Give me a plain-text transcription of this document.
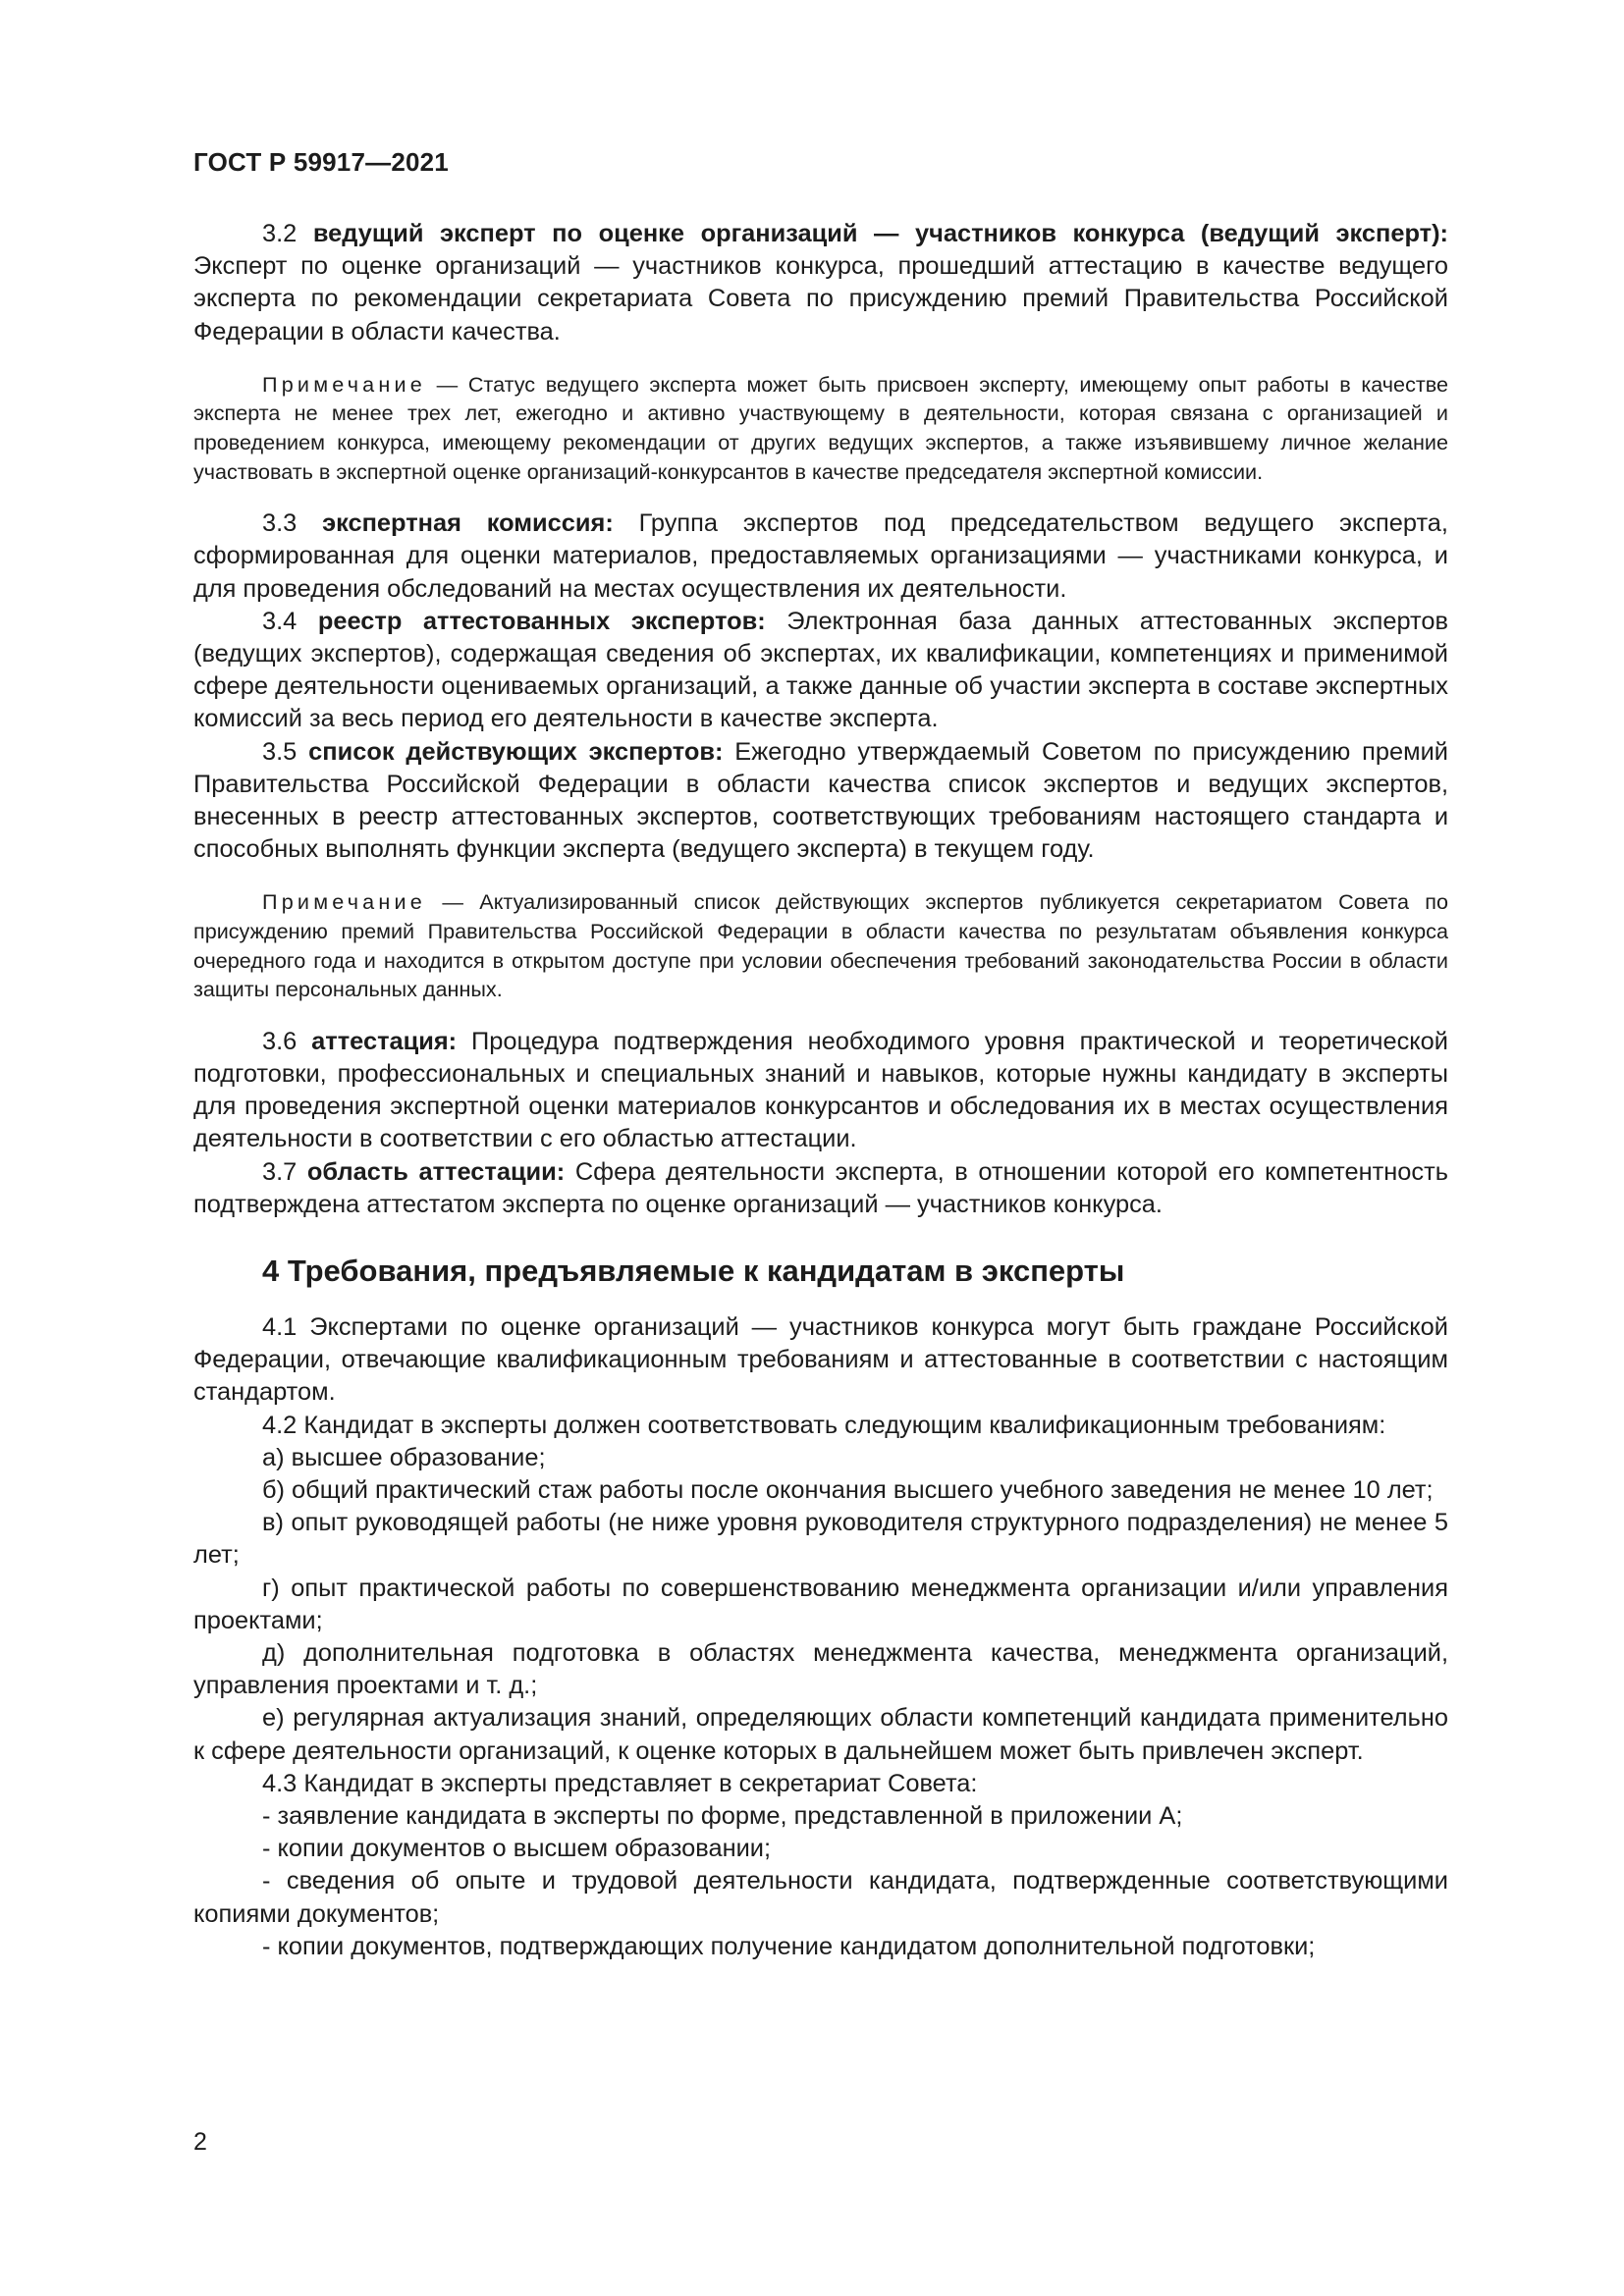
ГОСТ Р 59917—2021

3.2 ведущий эксперт по оценке организаций — участников конкурса (ведущий эксперт): Эксперт по оценке организаций — участников конкурса, прошедший аттестацию в качестве ведущего эксперта по рекомендации секретариата Совета по присуждению премий Правительства Российской Федерации в области качества.

Примечание — Статус ведущего эксперта может быть присвоен эксперту, имеющему опыт работы в качестве эксперта не менее трех лет, ежегодно и активно участвующему в деятельности, которая связана с организацией и проведением конкурса, имеющему рекомендации от других ведущих экспертов, а также изъявившему личное желание участвовать в экспертной оценке организаций-конкурсантов в качестве председателя экспертной комиссии.

3.3 экспертная комиссия: Группа экспертов под председательством ведущего эксперта, сформированная для оценки материалов, предоставляемых организациями — участниками конкурса, и для проведения обследований на местах осуществления их деятельности.

3.4 реестр аттестованных экспертов: Электронная база данных аттестованных экспертов (ведущих экспертов), содержащая сведения об экспертах, их квалификации, компетенциях и применимой сфере деятельности оцениваемых организаций, а также данные об участии эксперта в составе экспертных комиссий за весь период его деятельности в качестве эксперта.

3.5 список действующих экспертов: Ежегодно утверждаемый Советом по присуждению премий Правительства Российской Федерации в области качества список экспертов и ведущих экспертов, внесенных в реестр аттестованных экспертов, соответствующих требованиям настоящего стандарта и способных выполнять функции эксперта (ведущего эксперта) в текущем году.

Примечание — Актуализированный список действующих экспертов публикуется секретариатом Совета по присуждению премий Правительства Российской Федерации в области качества по результатам объявления конкурса очередного года и находится в открытом доступе при условии обеспечения требований законодательства России в области защиты персональных данных.

3.6 аттестация: Процедура подтверждения необходимого уровня практической и теоретической подготовки, профессиональных и специальных знаний и навыков, которые нужны кандидату в эксперты для проведения экспертной оценки материалов конкурсантов и обследования их в местах осуществления деятельности в соответствии с его областью аттестации.

3.7 область аттестации: Сфера деятельности эксперта, в отношении которой его компетентность подтверждена аттестатом эксперта по оценке организаций — участников конкурса.

4 Требования, предъявляемые к кандидатам в эксперты

4.1 Экспертами по оценке организаций — участников конкурса могут быть граждане Российской Федерации, отвечающие квалификационным требованиям и аттестованные в соответствии с настоящим стандартом.

4.2 Кандидат в эксперты должен соответствовать следующим квалификационным требованиям:

а) высшее образование;

б) общий практический стаж работы после окончания высшего учебного заведения не менее 10 лет;

в) опыт руководящей работы (не ниже уровня руководителя структурного подразделения) не менее 5 лет;

г) опыт практической работы по совершенствованию менеджмента организации и/или управления проектами;

д) дополнительная подготовка в областях менеджмента качества, менеджмента организаций, управления проектами и т. д.;

е) регулярная актуализация знаний, определяющих области компетенций кандидата применительно к сфере деятельности организаций, к оценке которых в дальнейшем может быть привлечен эксперт.

4.3 Кандидат в эксперты представляет в секретариат Совета:

- заявление кандидата в эксперты по форме, представленной в приложении А;

- копии документов о высшем образовании;

- сведения об опыте и трудовой деятельности кандидата, подтвержденные соответствующими копиями документов;

- копии документов, подтверждающих получение кандидатом дополнительной подготовки;

2
